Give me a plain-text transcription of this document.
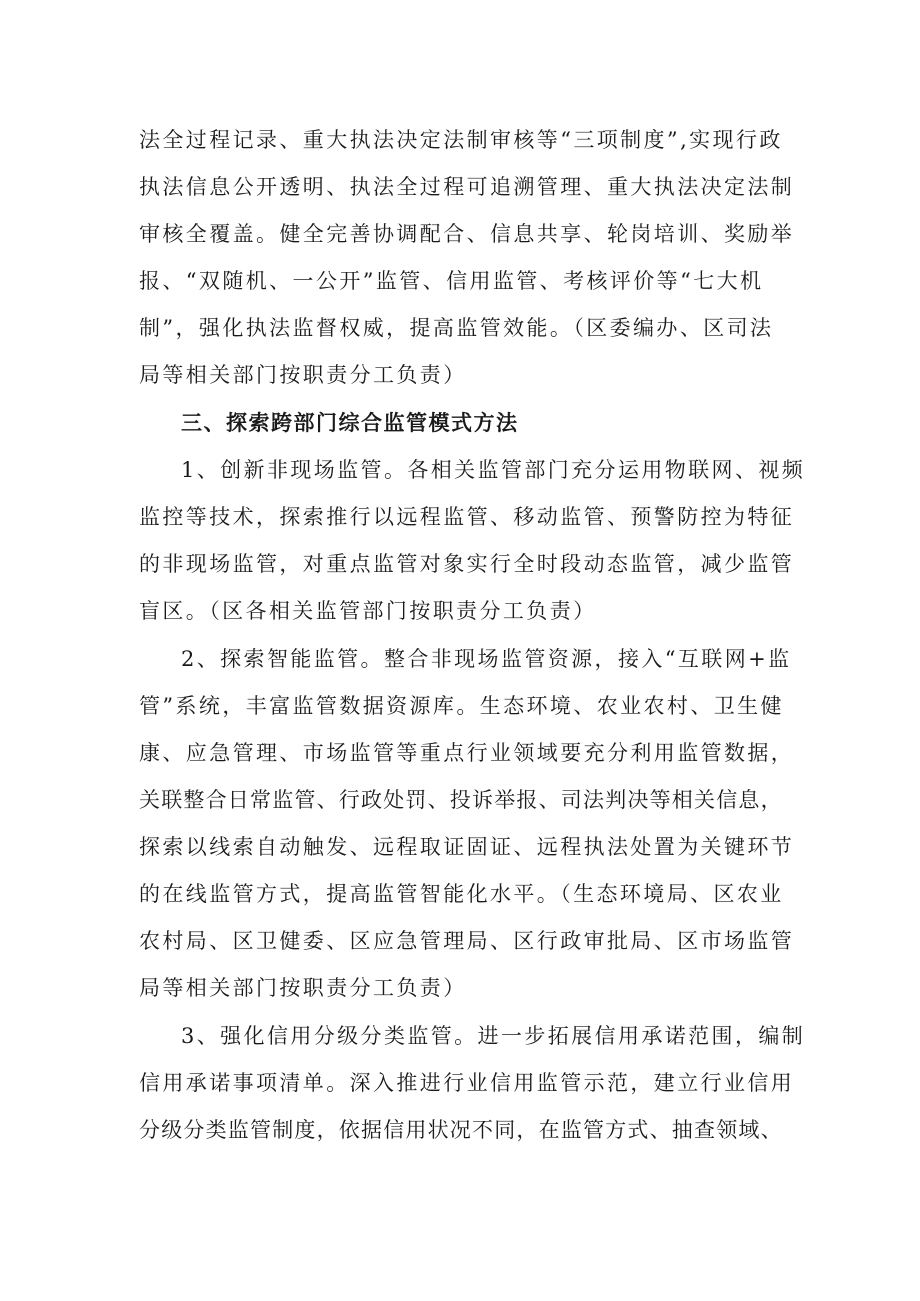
法全过程记录、重大执法决定法制审核等“三项制度”,实现行政
执法信息公开透明、执法全过程可追溯管理、重大执法决定法制
审核全覆盖。健全完善协调配合、信息共享、轮岗培训、奖励举
报、“双随机、一公开”监管、信用监管、考核评价等“七大机
制”，强化执法监督权威，提高监管效能。（区委编办、区司法
局等相关部门按职责分工负责）
三、探索跨部门综合监管模式方法
1、创新非现场监管。各相关监管部门充分运用物联网、视频
监控等技术，探索推行以远程监管、移动监管、预警防控为特征
的非现场监管，对重点监管对象实行全时段动态监管，减少监管
盲区。（区各相关监管部门按职责分工负责）
2、探索智能监管。整合非现场监管资源，接入“互联网+监
管”系统，丰富监管数据资源库。生态环境、农业农村、卫生健
康、应急管理、市场监管等重点行业领域要充分利用监管数据，
关联整合日常监管、行政处罚、投诉举报、司法判决等相关信息，
探索以线索自动触发、远程取证固证、远程执法处置为关键环节
的在线监管方式，提高监管智能化水平。（生态环境局、区农业
农村局、区卫健委、区应急管理局、区行政审批局、区市场监管
局等相关部门按职责分工负责）
3、强化信用分级分类监管。进一步拓展信用承诺范围，编制
信用承诺事项清单。深入推进行业信用监管示范，建立行业信用
分级分类监管制度，依据信用状况不同，在监管方式、抽查领域、
